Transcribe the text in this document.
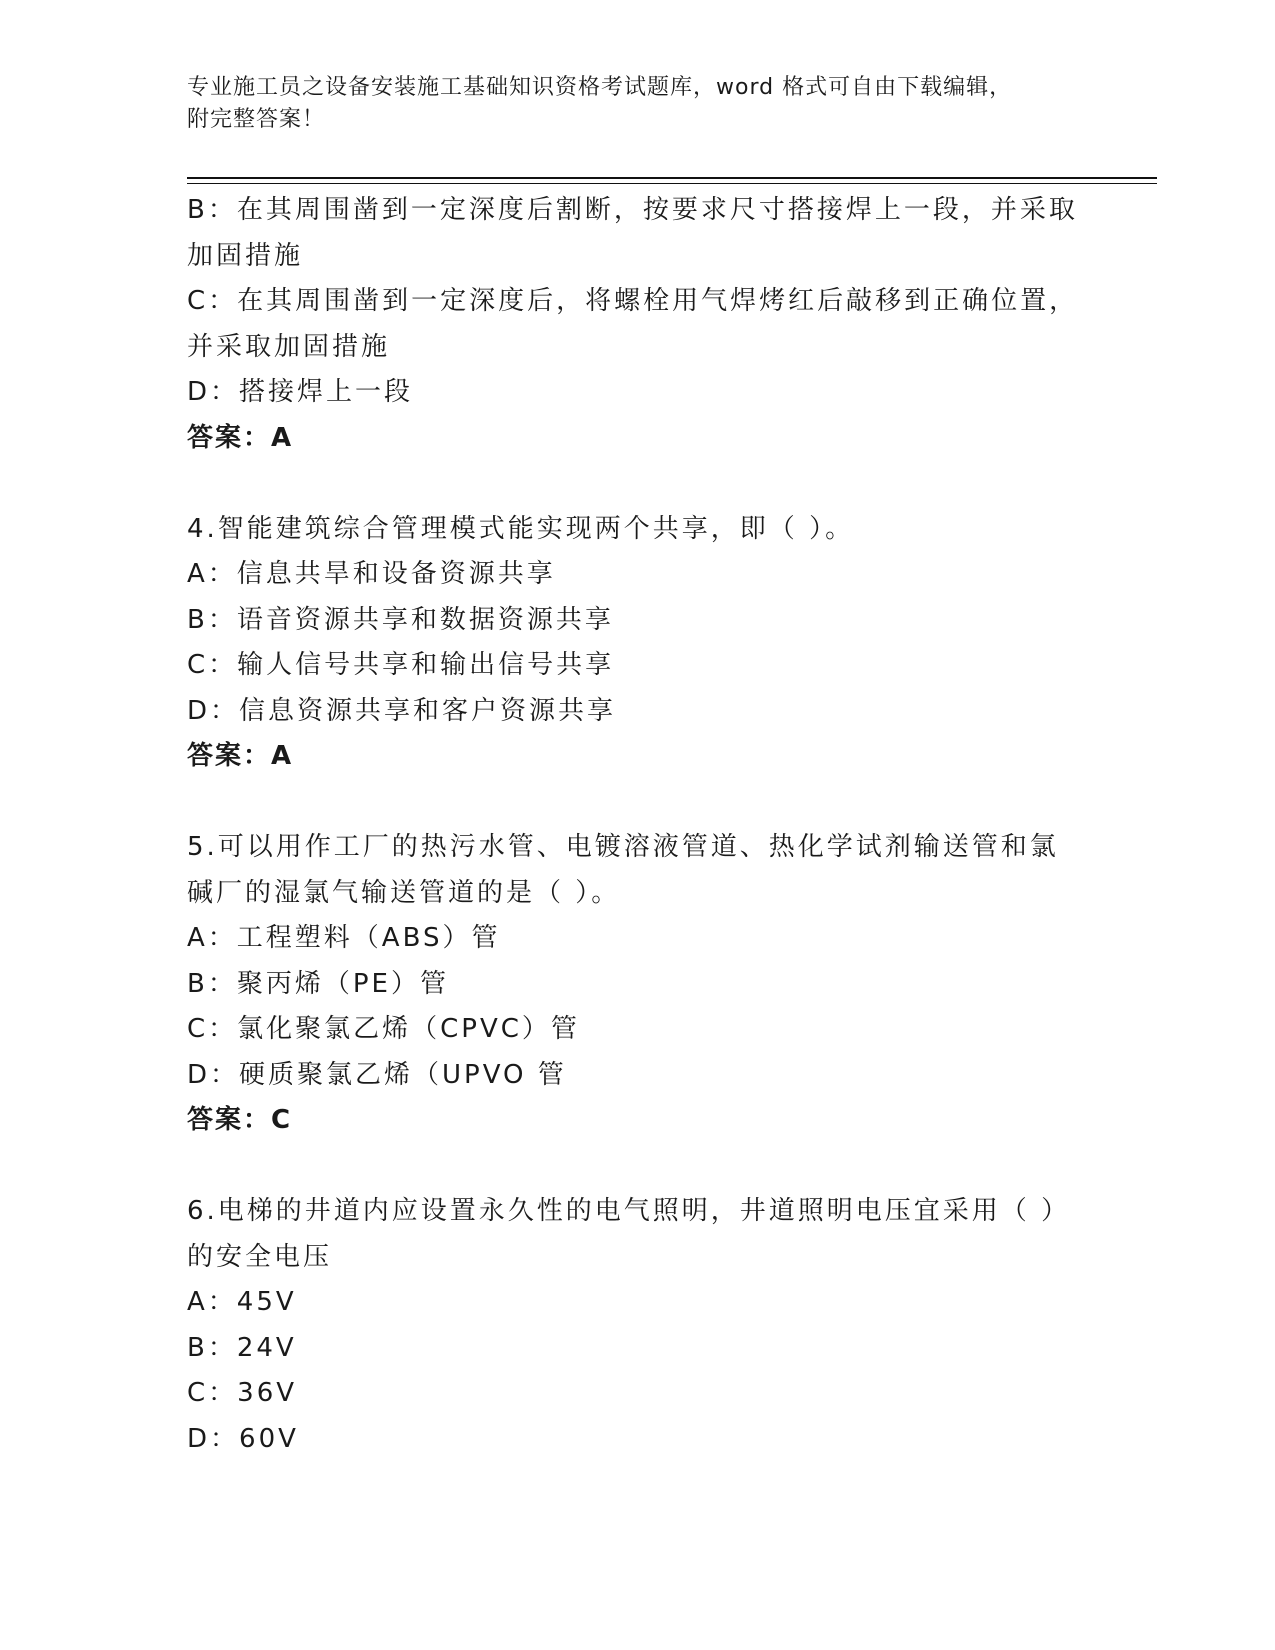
专业施工员之设备安装施工基础知识资格考试题库，word 格式可自由下载编辑，
附完整答案！
B：在其周围凿到一定深度后割断，按要求尺寸搭接焊上一段，并采取
加固措施
C：在其周围凿到一定深度后，将螺栓用气焊烤红后敲移到正确位置，
并采取加固措施
D：搭接焊上一段
答案：A
4.智能建筑综合管理模式能实现两个共享，即（ ）。
A：信息共旱和设备资源共享
B：语音资源共享和数据资源共享
C：输人信号共享和输出信号共享
D：信息资源共享和客户资源共享
答案：A
5.可以用作工厂的热污水管、电镀溶液管道、热化学试剂输送管和氯
碱厂的湿氯气输送管道的是（ ）。
A：工程塑料（ABS）管
B：聚丙烯（PE）管
C：氯化聚氯乙烯（CPVC）管
D：硬质聚氯乙烯（UPVO 管
答案：C
6.电梯的井道内应设置永久性的电气照明，井道照明电压宜采用（ ）
的安全电压
A：45V
B：24V
C：36V
D：60V
